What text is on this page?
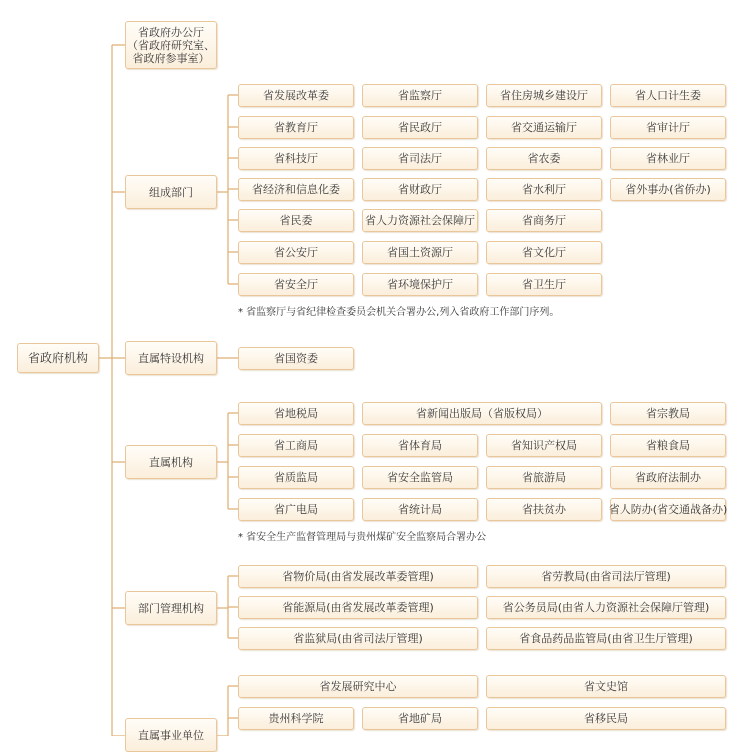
省政府机构
省政府办公厅
（省政府研究室、
省政府参事室）
组成部门
直属特设机构
直属机构
部门管理机构
直属事业单位
省发展改革委	省监察厅	省住房城乡建设厅	省人口计生委
省教育厅	省民政厅	省交通运输厅	省审计厅
省科技厅	省司法厅	省农委	省林业厅
省经济和信息化委	省财政厅	省水利厅	省外事办(省侨办)
省民委	省人力资源社会保障厅	省商务厅
省公安厅	省国土资源厅	省文化厅
省安全厅	省环境保护厅	省卫生厅
* 省监察厅与省纪律检查委员会机关合署办公,列入省政府工作部门序列。
省国资委
省地税局	省新闻出版局（省版权局）	省宗教局
省工商局	省体育局	省知识产权局	省粮食局
省质监局	省安全监管局	省旅游局	省政府法制办
省广电局	省统计局	省扶贫办	省人防办(省交通战备办)
* 省安全生产监督管理局与贵州煤矿安全监察局合署办公
省物价局(由省发展改革委管理)	省劳教局(由省司法厅管理)
省能源局(由省发展改革委管理)	省公务员局(由省人力资源社会保障厅管理)
省监狱局(由省司法厅管理)	省食品药品监管局(由省卫生厅管理)
省发展研究中心	省文史馆
贵州科学院	省地矿局	省移民局
